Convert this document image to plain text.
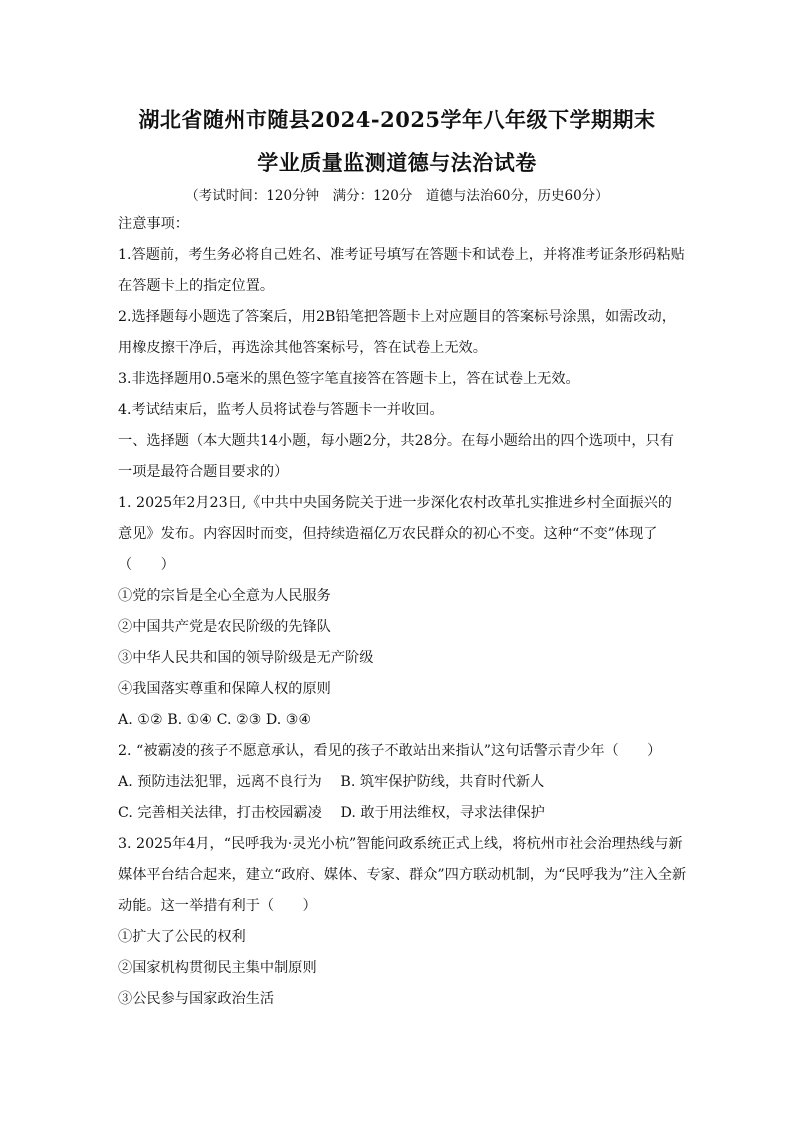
湖北省随州市随县2024-2025学年八年级下学期期末
学业质量监测道德与法治试卷
（考试时间：120分钟　满分：120分　道德与法治60分，历史60分）
注意事项：
1.答题前，考生务必将自己姓名、准考证号填写在答题卡和试卷上，并将准考证条形码粘贴
在答题卡上的指定位置。
2.选择题每小题选了答案后，用2B铅笔把答题卡上对应题目的答案标号涂黑，如需改动，
用橡皮擦干净后，再选涂其他答案标号，答在试卷上无效。
3.非选择题用0.5毫米的黑色签字笔直接答在答题卡上，答在试卷上无效。
4.考试结束后，监考人员将试卷与答题卡一并收回。
一、选择题（本大题共14小题，每小题2分，共28分。在每小题给出的四个选项中，只有
一项是最符合题目要求的）
1. 2025年2月23日,《中共中央国务院关于进一步深化农村改革扎实推进乡村全面振兴的
意见》发布。内容因时而变，但持续造福亿万农民群众的初心不变。这种“不变”体现了
（　　）
①党的宗旨是全心全意为人民服务
②中国共产党是农民阶级的先锋队
③中华人民共和国的领导阶级是无产阶级
④我国落实尊重和保障人权的原则
A. ①② B. ①④ C. ②③ D. ③④
2. “被霸凌的孩子不愿意承认，看见的孩子不敢站出来指认”这句话警示青少年（　　）
A. 预防违法犯罪，远离不良行为　 B. 筑牢保护防线，共育时代新人
C. 完善相关法律，打击校园霸凌　 D. 敢于用法维权，寻求法律保护
3. 2025年4月，“民呼我为·灵光小杭”智能问政系统正式上线，将杭州市社会治理热线与新
媒体平台结合起来，建立“政府、媒体、专家、群众”四方联动机制，为“民呼我为”注入全新
动能。这一举措有利于（　　）
①扩大了公民的权利
②国家机构贯彻民主集中制原则
③公民参与国家政治生活
